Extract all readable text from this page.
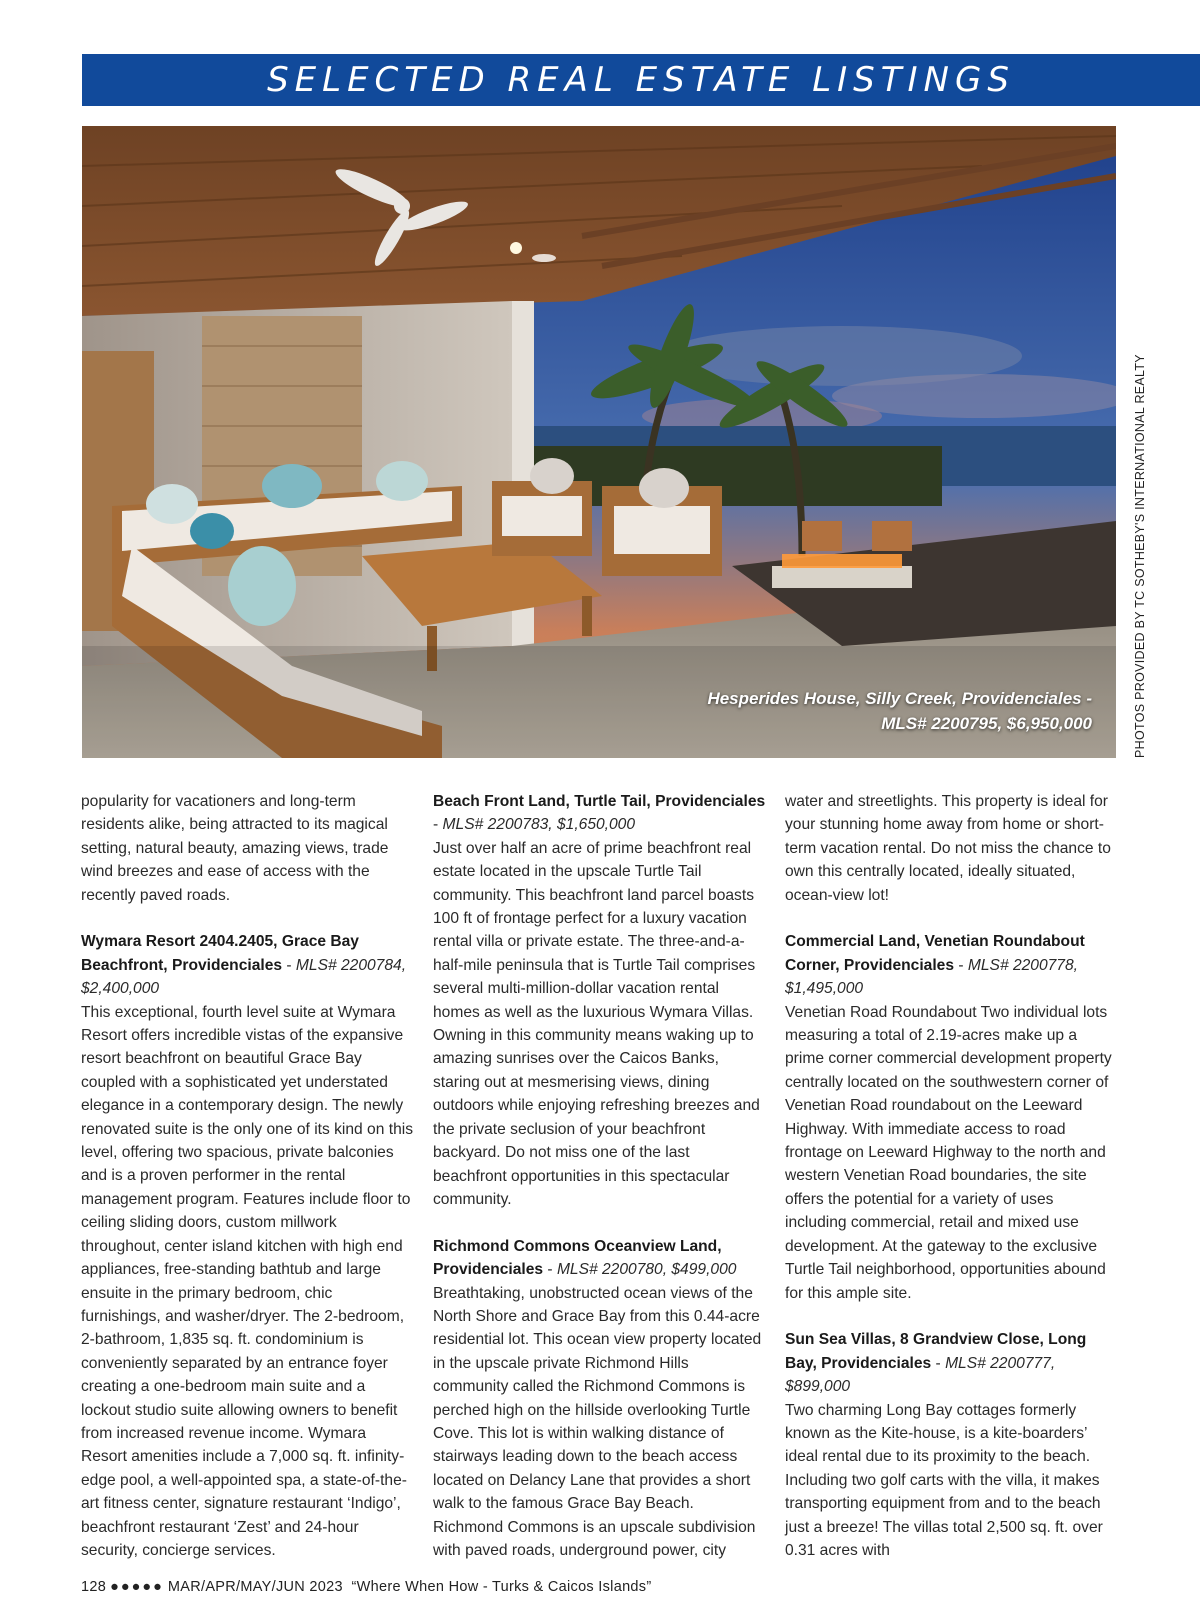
SELECTED REAL ESTATE LISTINGS
Hesperides House, Silly Creek, Providenciales -
MLS# 2200795, $6,950,000	PHOTOS PROVIDED BY TC SOTHEBY'S INTERNATIONAL REALTY

popularity for vacationers and long-term residents alike, being attracted to its magical setting, natural beauty, amazing views, trade wind breezes and ease of access with the recently paved roads.

Wymara Resort 2404.2405, Grace Bay Beachfront, Providenciales - MLS# 2200784, $2,400,000

This exceptional, fourth level suite at Wymara Resort offers incredible vistas of the expansive resort beachfront on beautiful Grace Bay coupled with a sophisticated yet understated elegance in a contemporary design. The newly renovated suite is the only one of its kind on this level, offering two spacious, private balconies and is a proven performer in the rental management program. Features include floor to ceiling sliding doors, custom millwork throughout, center island kitchen with high end appliances, free-standing bathtub and large ensuite in the primary bedroom, chic furnishings, and washer/dryer. The 2-bedroom, 2-bathroom, 1,835 sq. ft. condominium is conveniently separated by an entrance foyer creating a one-bedroom main suite and a lockout studio suite allowing owners to benefit from increased revenue income. Wymara Resort amenities include a 7,000 sq. ft. infinity-edge pool, a well-appointed spa, a state-of-the-art fitness center, signature restaurant ‘Indigo’, beachfront restaurant ‘Zest’ and 24-hour security, concierge services.

Beach Front Land, Turtle Tail, Providenciales - MLS# 2200783, $1,650,000

Just over half an acre of prime beachfront real estate located in the upscale Turtle Tail community. This beachfront land parcel boasts 100 ft of frontage perfect for a luxury vacation rental villa or private estate. The three-and-a-half-mile peninsula that is Turtle Tail comprises several multi-million-dollar vacation rental homes as well as the luxurious Wymara Villas. Owning in this community means waking up to amazing sunrises over the Caicos Banks, staring out at mesmerising views, dining outdoors while enjoying refreshing breezes and the private seclusion of your beachfront backyard. Do not miss one of the last beachfront opportunities in this spectacular community.

Richmond Commons Oceanview Land, Providenciales - MLS# 2200780, $499,000

Breathtaking, unobstructed ocean views of the North Shore and Grace Bay from this 0.44-acre residential lot. This ocean view property located in the upscale private Richmond Hills community called the Richmond Commons is perched high on the hillside overlooking Turtle Cove. This lot is within walking distance of stairways leading down to the beach access located on Delancy Lane that provides a short walk to the famous Grace Bay Beach. Richmond Commons is an upscale subdivision with paved roads, underground power, city

water and streetlights. This property is ideal for your stunning home away from home or short-term vacation rental. Do not miss the chance to own this centrally located, ideally situated, ocean-view lot!

Commercial Land, Venetian Roundabout Corner, Providenciales - MLS# 2200778, $1,495,000

Venetian Road Roundabout Two individual lots measuring a total of 2.19-acres make up a prime corner commercial development property centrally located on the southwestern corner of Venetian Road roundabout on the Leeward Highway. With immediate access to road frontage on Leeward Highway to the north and western Venetian Road boundaries, the site offers the potential for a variety of uses including commercial, retail and mixed use development. At the gateway to the exclusive Turtle Tail neighborhood, opportunities abound for this ample site.

Sun Sea Villas, 8 Grandview Close, Long Bay, Providenciales - MLS# 2200777, $899,000

Two charming Long Bay cottages formerly known as the Kite-house, is a kite-boarders’ ideal rental due to its proximity to the beach. Including two golf carts with the villa, it makes transporting equipment from and to the beach just a breeze! The villas total 2,500 sq. ft. over 0.31 acres with

128 ●●●●● MAR/APR/MAY/JUN 2023 “Where When How - Turks & Caicos Islands”
